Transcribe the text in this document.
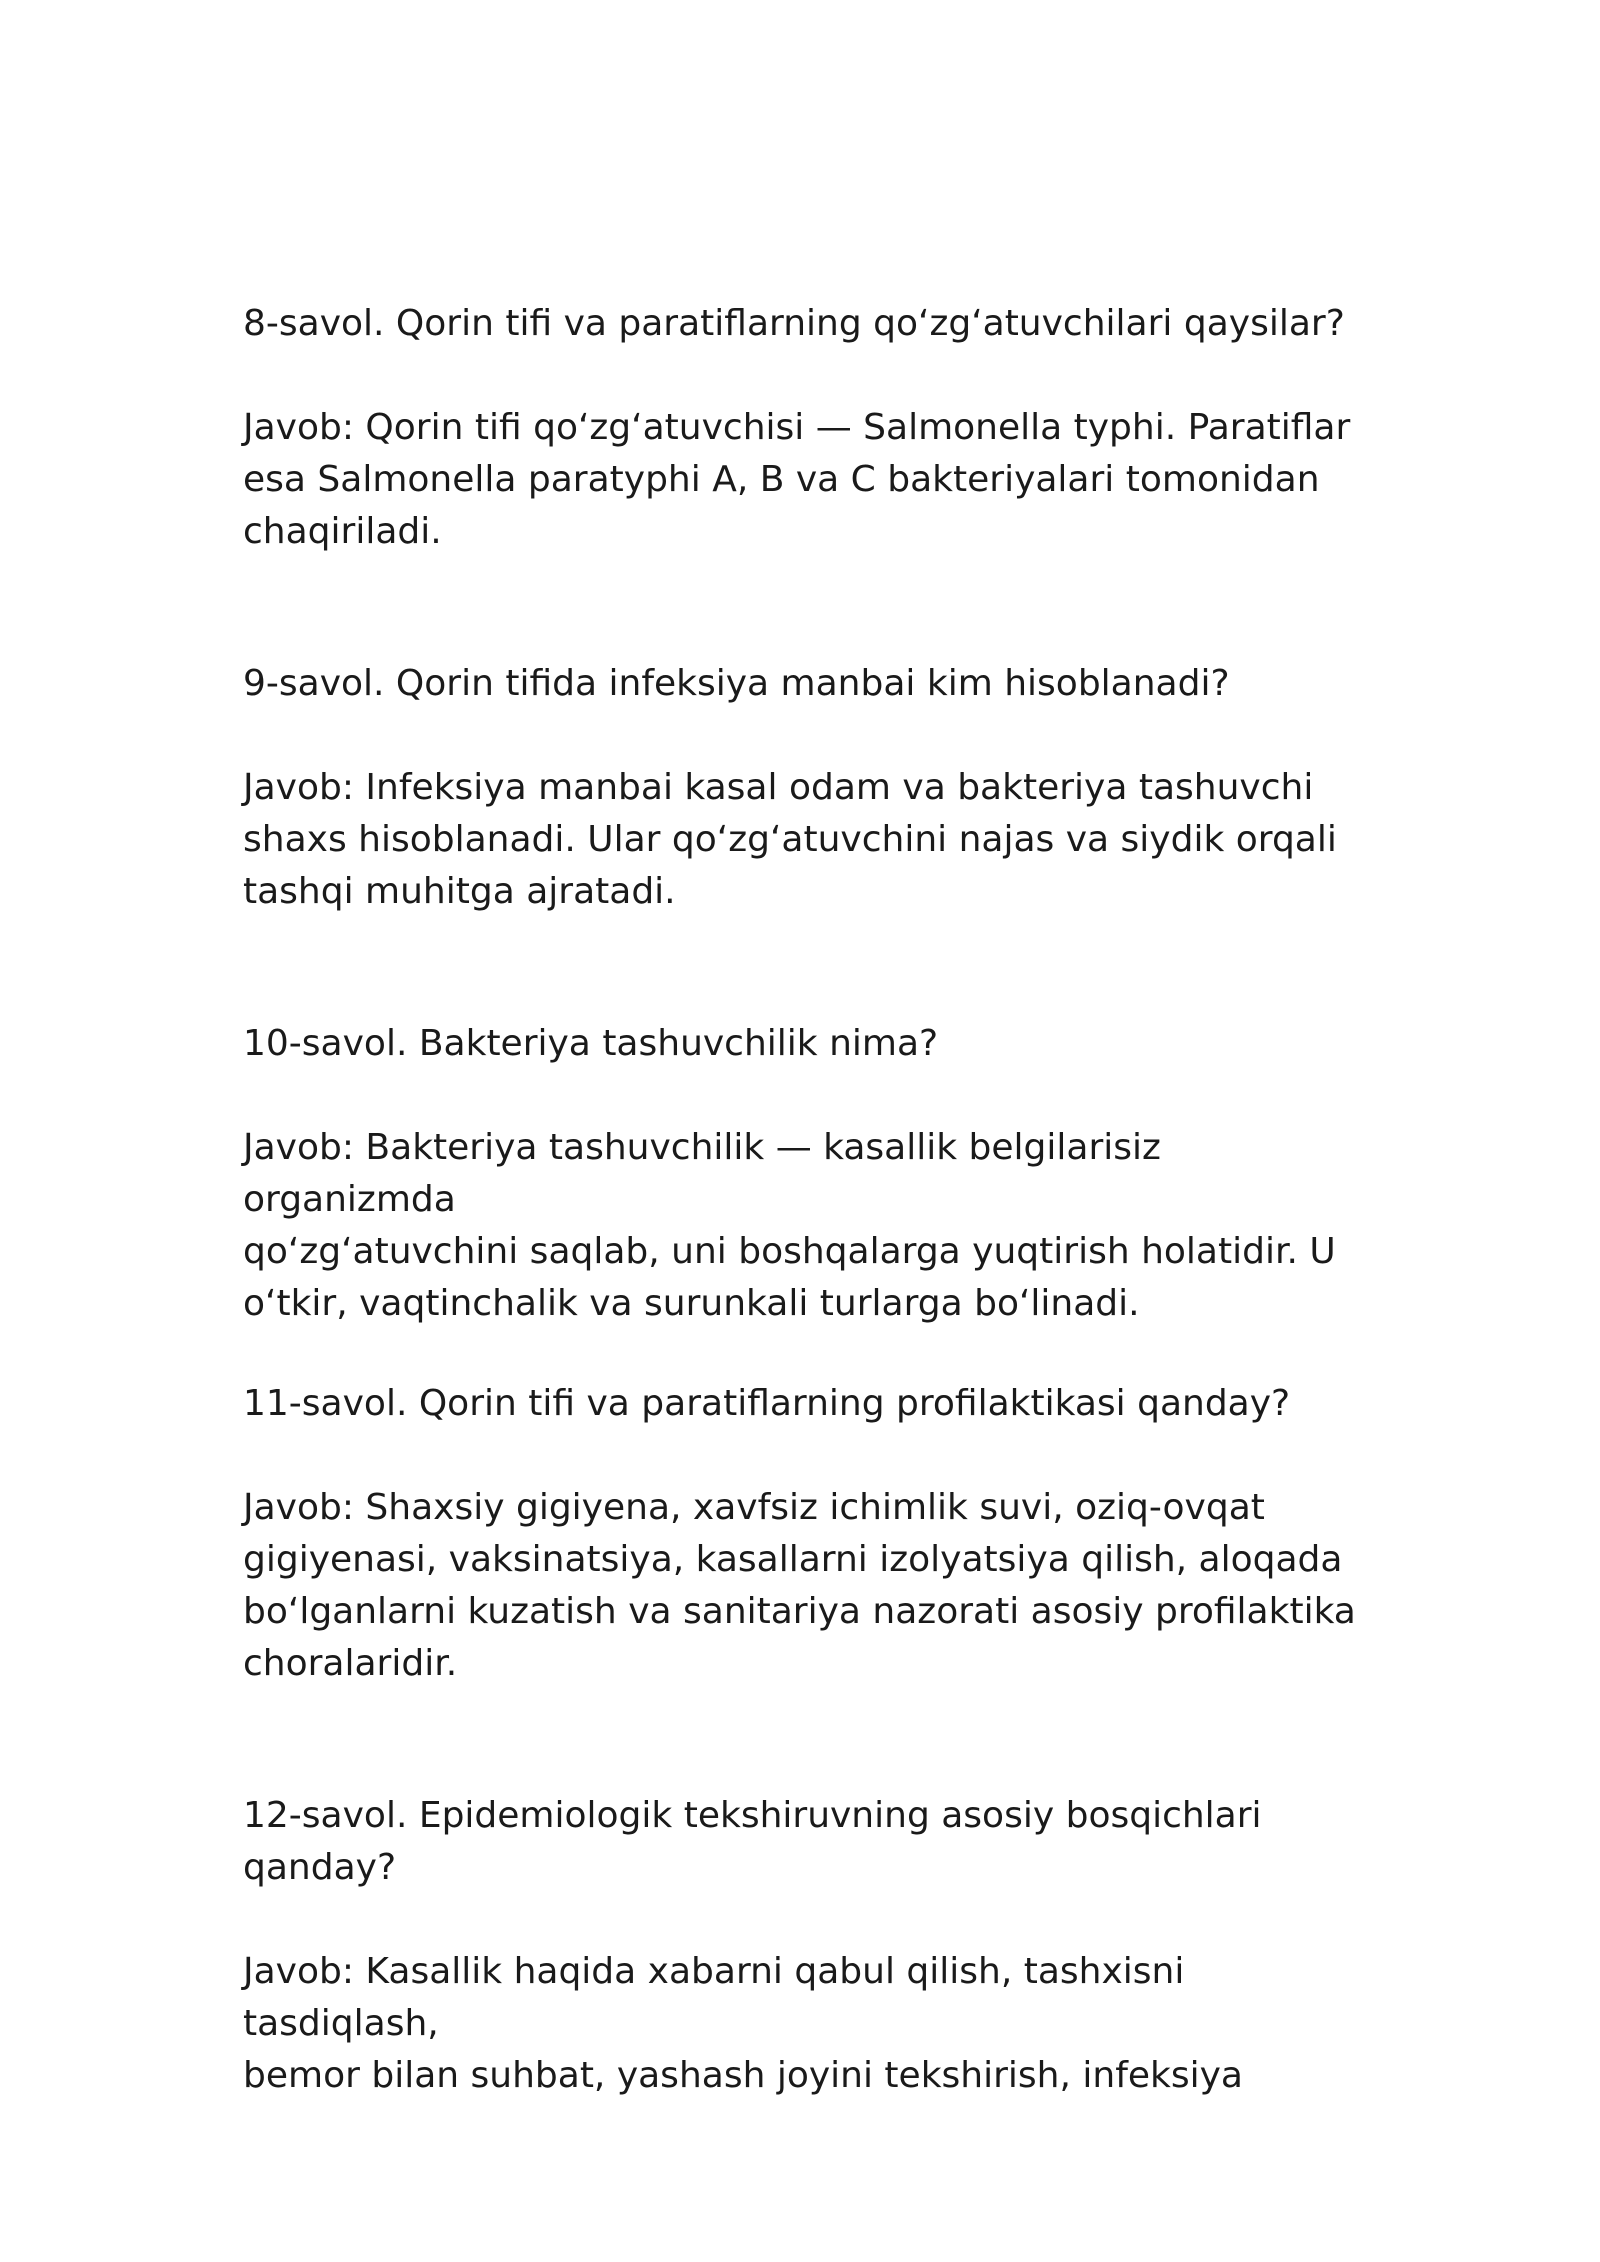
8-savol. Qorin tifi va paratiflarning qoʻzgʻatuvchilari qaysilar?

Javob: Qorin tifi qoʻzgʻatuvchisi — Salmonella typhi. Paratiflar
esa Salmonella paratyphi A, B va C bakteriyalari tomonidan
chaqiriladi.

9-savol. Qorin tifida infeksiya manbai kim hisoblanadi?

Javob: Infeksiya manbai kasal odam va bakteriya tashuvchi
shaxs hisoblanadi. Ular qoʻzgʻatuvchini najas va siydik orqali
tashqi muhitga ajratadi.

10-savol. Bakteriya tashuvchilik nima?

Javob: Bakteriya tashuvchilik — kasallik belgilarisiz organizmda
qoʻzgʻatuvchini saqlab, uni boshqalarga yuqtirish holatidir. U
oʻtkir, vaqtinchalik va surunkali turlarga boʻlinadi.

11-savol. Qorin tifi va paratiflarning profilaktikasi qanday?

Javob: Shaxsiy gigiyena, xavfsiz ichimlik suvi, oziq-ovqat
gigiyenasi, vaksinatsiya, kasallarni izolyatsiya qilish, aloqada
boʻlganlarni kuzatish va sanitariya nazorati asosiy profilaktika
choralaridir.

12-savol. Epidemiologik tekshiruvning asosiy bosqichlari
qanday?

Javob: Kasallik haqida xabarni qabul qilish, tashxisni tasdiqlash,
bemor bilan suhbat, yashash joyini tekshirish, infeksiya
